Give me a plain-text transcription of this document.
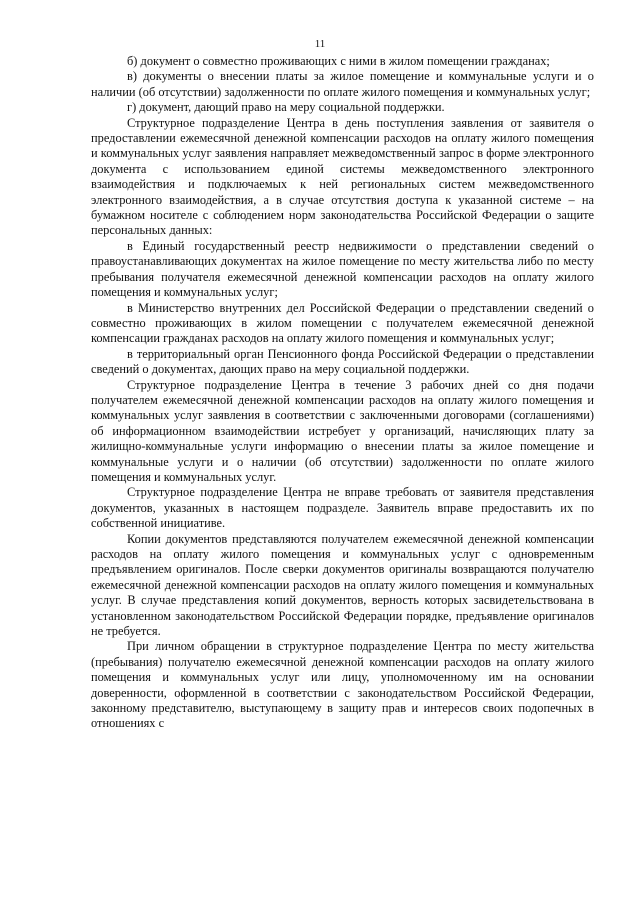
11

б) документ о совместно проживающих с ними в жилом помещении гражданах;

в) документы о внесении платы за жилое помещение и коммунальные услуги и о наличии (об отсутствии) задолженности по оплате жилого помещения и коммунальных услуг;

г) документ, дающий право на меру социальной поддержки.

Структурное подразделение Центра в день поступления заявления от заявителя о предоставлении ежемесячной денежной компенсации расходов на оплату жилого помещения и коммунальных услуг заявления направляет межведомственный запрос в форме электронного документа с использованием единой системы межведомственного электронного взаимодействия и подключаемых к ней региональных систем межведомственного электронного взаимодействия, а в случае отсутствия доступа к указанной системе – на бумажном носителе с соблюдением норм законодательства Российской Федерации о защите персональных данных:

в Единый государственный реестр недвижимости о представлении сведений о правоустанавливающих документах на жилое помещение по месту жительства либо по месту пребывания получателя ежемесячной денежной компенсации расходов на оплату жилого помещения и коммунальных услуг;

в Министерство внутренних дел Российской Федерации о представлении сведений о совместно проживающих в жилом помещении с получателем ежемесячной денежной компенсации гражданах расходов на оплату жилого помещения и коммунальных услуг;

в территориальный орган Пенсионного фонда Российской Федерации о представлении сведений о документах, дающих право на меру социальной поддержки.

Структурное подразделение Центра в течение 3 рабочих дней со дня подачи получателем ежемесячной денежной компенсации расходов на оплату жилого помещения и коммунальных услуг заявления в соответствии с заключенными договорами (соглашениями) об информационном взаимодействии истребует у организаций, начисляющих плату за жилищно-коммунальные услуги информацию о внесении платы за жилое помещение и коммунальные услуги и о наличии (об отсутствии) задолженности по оплате жилого помещения и коммунальных услуг.

Структурное подразделение Центра не вправе требовать от заявителя представления документов, указанных в настоящем подразделе. Заявитель вправе предоставить их по собственной инициативе.

Копии документов представляются получателем ежемесячной денежной компенсации расходов на оплату жилого помещения и коммунальных услуг с одновременным предъявлением оригиналов. После сверки документов оригиналы возвращаются получателю ежемесячной денежной компенсации расходов на оплату жилого помещения и коммунальных услуг. В случае представления копий документов, верность которых засвидетельствована в установленном законодательством Российской Федерации порядке, предъявление оригиналов не требуется.

При личном обращении в структурное подразделение Центра по месту жительства (пребывания) получателю ежемесячной денежной компенсации расходов на оплату жилого помещения и коммунальных услуг или лицу, уполномоченному им на основании доверенности, оформленной в соответствии с законодательством Российской Федерации, законному представителю, выступающему в защиту прав и интересов своих подопечных в отношениях с
